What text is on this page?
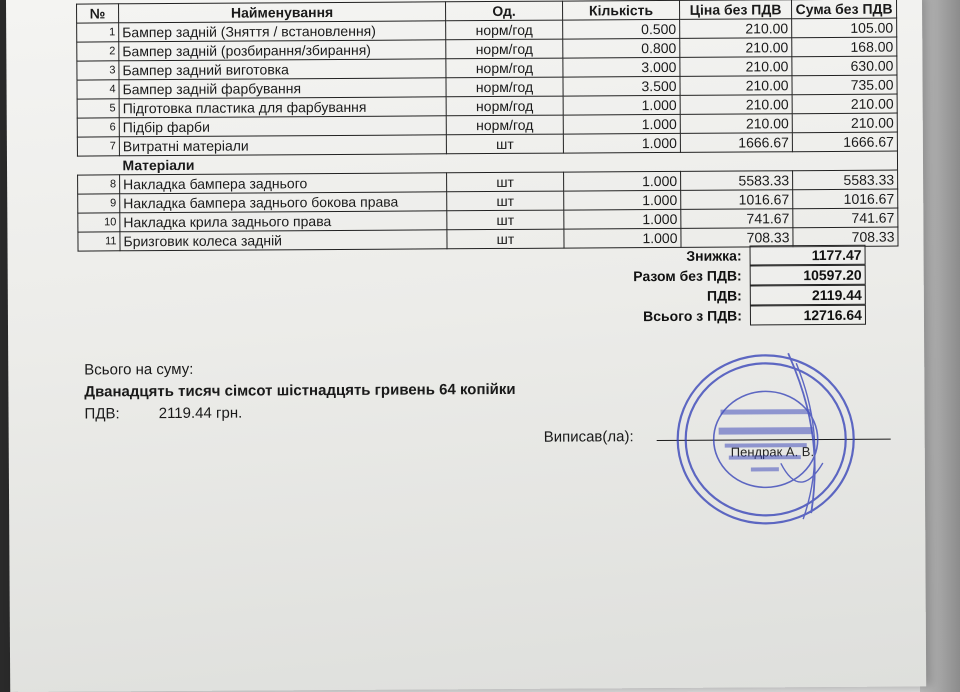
№	Найменування	Од.	Кількість	Ціна без ПДВ	Сума без ПДВ
1	Бампер задній (Зняття / встановлення)	норм/год	0.500	210.00	105.00
2	Бампер задній (розбирання/збирання)	норм/год	0.800	210.00	168.00
3	Бампер задний виготовка	норм/год	3.000	210.00	630.00
4	Бампер задній фарбування	норм/год	3.500	210.00	735.00
5	Підготовка пластика для фарбування	норм/год	1.000	210.00	210.00
6	Підбір фарби	норм/год	1.000	210.00	210.00
7	Витратні матеріали	шт	1.000	1666.67	1666.67
	Матеріали				
8	Накладка бампера заднього	шт	1.000	5583.33	5583.33
9	Накладка бампера заднього бокова права	шт	1.000	1016.67	1016.67
10	Накладка крила заднього права	шт	1.000	741.67	741.67
11	Бризговик колеса задній	шт	1.000	708.33	708.33
Знижка:	1177.47
Разом без ПДВ:	10597.20
ПДВ:	2119.44
Всього з ПДВ:	12716.64
Всього на суму:
Дванадцять тисяч сімсот шістнадцять гривень 64 копійки
ПДВ:	2119.44 грн.
Виписав(ла):
Пендрак А. В.
